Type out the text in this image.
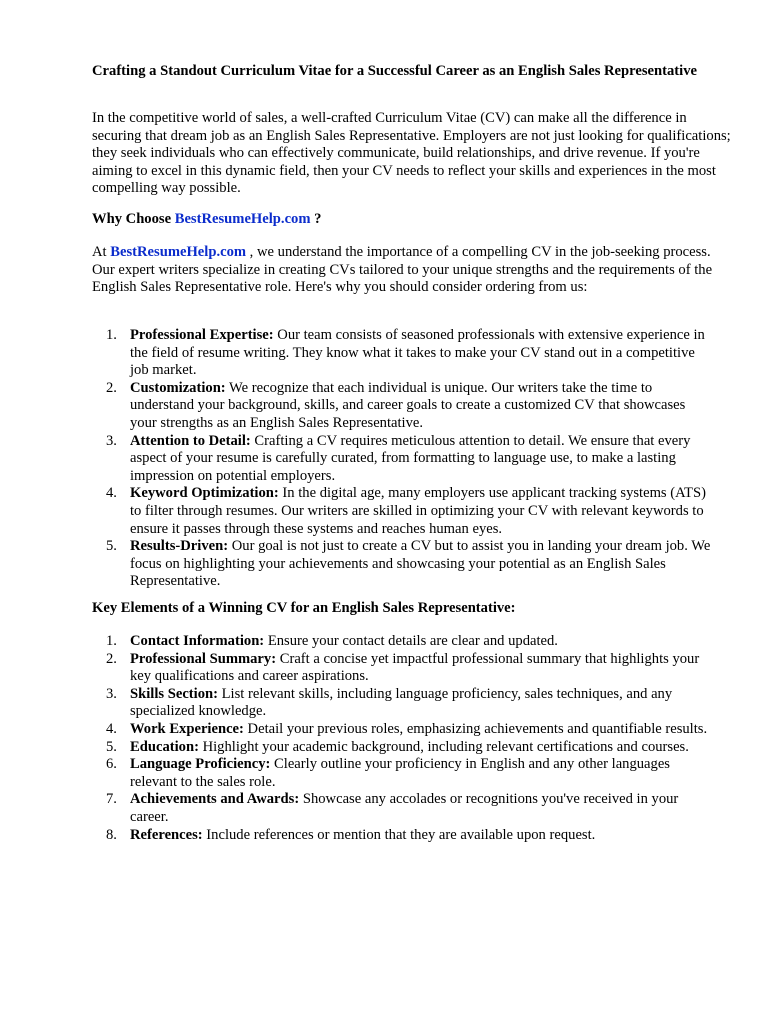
Crafting a Standout Curriculum Vitae for a Successful Career as an English Sales Representative

In the competitive world of sales, a well-crafted Curriculum Vitae (CV) can make all the difference in securing that dream job as an English Sales Representative. Employers are not just looking for qualifications; they seek individuals who can effectively communicate, build relationships, and drive revenue. If you're aiming to excel in this dynamic field, then your CV needs to reflect your skills and experiences in the most compelling way possible.

Why Choose BestResumeHelp.com ?

At BestResumeHelp.com , we understand the importance of a compelling CV in the job-seeking process. Our expert writers specialize in creating CVs tailored to your unique strengths and the requirements of the English Sales Representative role. Here's why you should consider ordering from us:

1. Professional Expertise: Our team consists of seasoned professionals with extensive experience in the field of resume writing. They know what it takes to make your CV stand out in a competitive job market.
2. Customization: We recognize that each individual is unique. Our writers take the time to understand your background, skills, and career goals to create a customized CV that showcases your strengths as an English Sales Representative.
3. Attention to Detail: Crafting a CV requires meticulous attention to detail. We ensure that every aspect of your resume is carefully curated, from formatting to language use, to make a lasting impression on potential employers.
4. Keyword Optimization: In the digital age, many employers use applicant tracking systems (ATS) to filter through resumes. Our writers are skilled in optimizing your CV with relevant keywords to ensure it passes through these systems and reaches human eyes.
5. Results-Driven: Our goal is not just to create a CV but to assist you in landing your dream job. We focus on highlighting your achievements and showcasing your potential as an English Sales Representative.

Key Elements of a Winning CV for an English Sales Representative:

1. Contact Information: Ensure your contact details are clear and updated.
2. Professional Summary: Craft a concise yet impactful professional summary that highlights your key qualifications and career aspirations.
3. Skills Section: List relevant skills, including language proficiency, sales techniques, and any specialized knowledge.
4. Work Experience: Detail your previous roles, emphasizing achievements and quantifiable results.
5. Education: Highlight your academic background, including relevant certifications and courses.
6. Language Proficiency: Clearly outline your proficiency in English and any other languages relevant to the sales role.
7. Achievements and Awards: Showcase any accolades or recognitions you've received in your career.
8. References: Include references or mention that they are available upon request.
